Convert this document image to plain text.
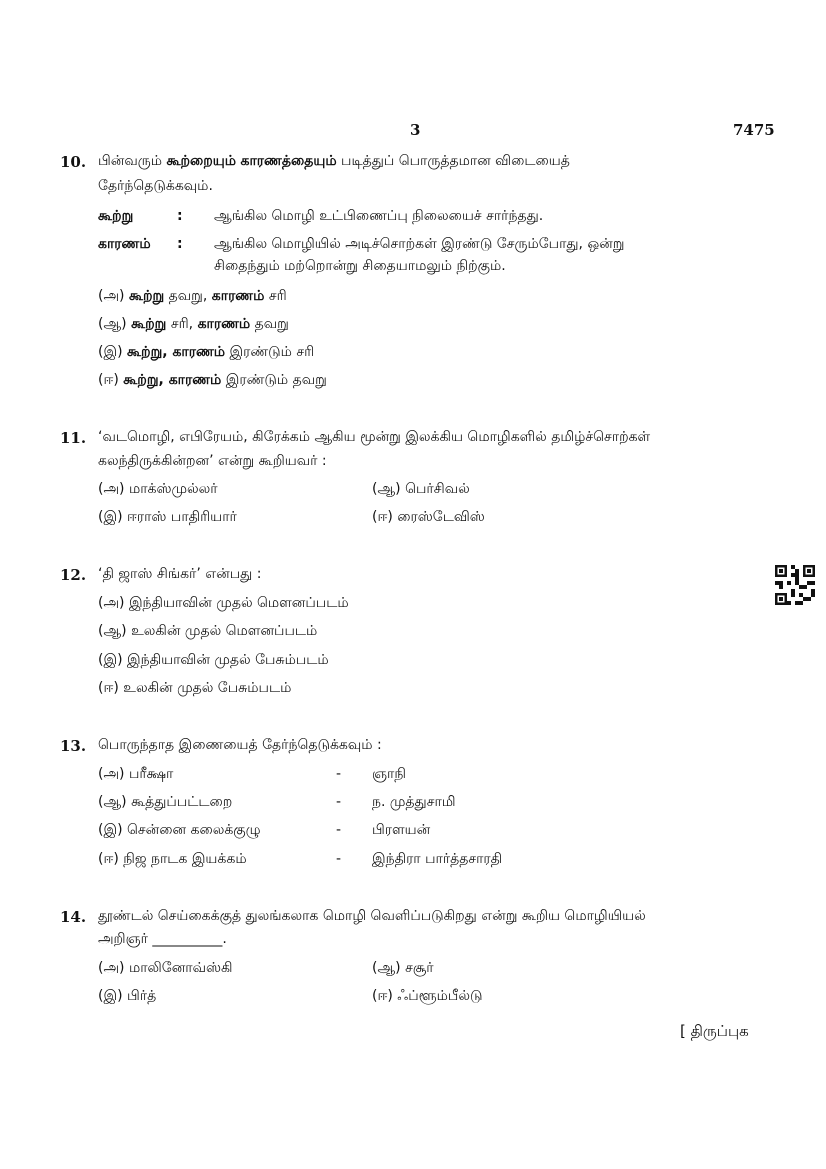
3	7475
10. பின்வரும் கூற்றையும் காரணத்தையும் படித்துப் பொருத்தமான விடையைத்
தேர்ந்தெடுக்கவும்.
கூற்று	: ஆங்கில மொழி உட்பிணைப்பு நிலையைச் சார்ந்தது.
காரணம் : ஆங்கில மொழியில் அடிச்சொற்கள் இரண்டு சேரும்போது, ஒன்று
சிதைந்தும் மற்றொன்று சிதையாமலும் நிற்கும்.
(அ) கூற்று தவறு, காரணம் சரி
(ஆ) கூற்று சரி, காரணம் தவறு
(இ) கூற்று, காரணம் இரண்டும் சரி
(ஈ) கூற்று, காரணம் இரண்டும் தவறு
11. ‘வடமொழி, எபிரேயம், கிரேக்கம் ஆகிய மூன்று இலக்கிய மொழிகளில் தமிழ்ச்சொற்கள்
கலந்திருக்கின்றன’ என்று கூறியவர் :
(அ) மாக்ஸ்முல்லர்	(ஆ) பெர்சிவல்
(இ) ஈராஸ் பாதிரியார்	(ஈ) ரைஸ்டேவிஸ்
12. ‘தி ஜாஸ் சிங்கர்’ என்பது :
(அ) இந்தியாவின் முதல் மௌனப்படம்
(ஆ) உலகின் முதல் மௌனப்படம்
(இ) இந்தியாவின் முதல் பேசும்படம்
(ஈ) உலகின் முதல் பேசும்படம்
13. பொருந்தாத இணையைத் தேர்ந்தெடுக்கவும் :
(அ) பரீக்ஷா	- ஞாநி
(ஆ) கூத்துப்பட்டறை	- ந. முத்துசாமி
(இ) சென்னை கலைக்குழு	- பிரளயன்
(ஈ) நிஜ நாடக இயக்கம்	- இந்திரா பார்த்தசாரதி
14. தூண்டல் செய்கைக்குத் துலங்கலாக மொழி வெளிப்படுகிறது என்று கூறிய மொழியியல்
அறிஞர் __________.
(அ) மாலினோவ்ஸ்கி	(ஆ) சசூர்
(இ) பிர்த்	(ஈ) ஃப்ளூம்பீல்டு
[ திருப்புக
